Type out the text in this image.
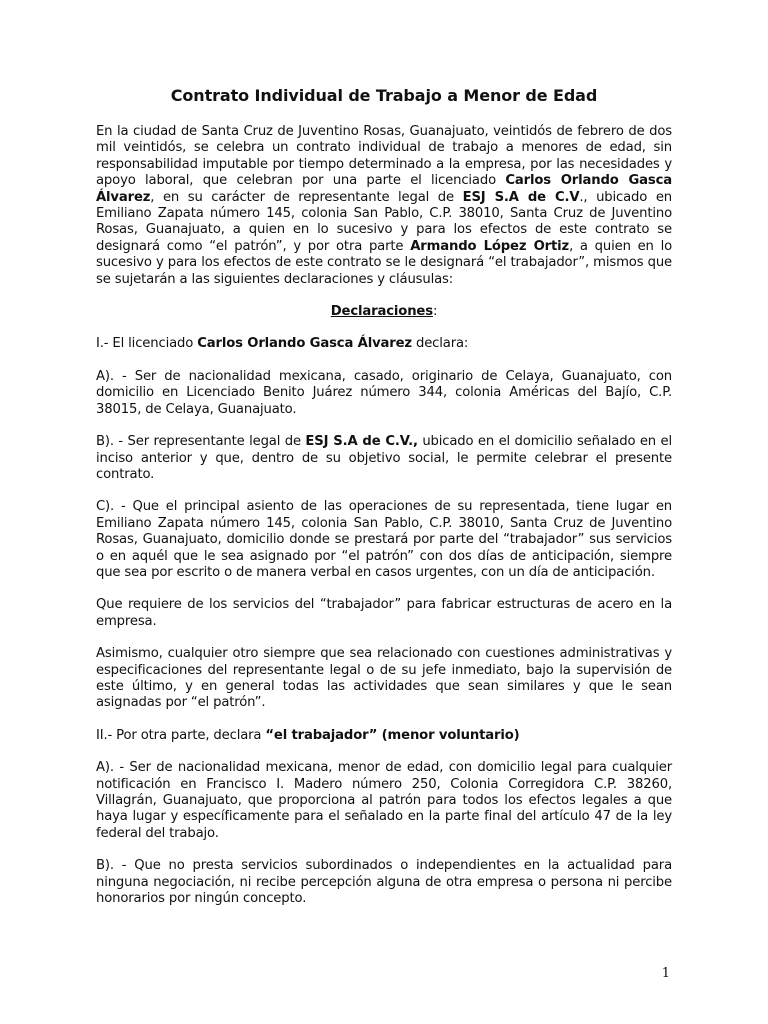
Contrato Individual de Trabajo a Menor de Edad

En la ciudad de Santa Cruz de Juventino Rosas, Guanajuato, veintidós de febrero de dos mil veintidós, se celebra un contrato individual de trabajo a menores de edad, sin responsabilidad imputable por tiempo determinado a la empresa, por las necesidades y apoyo laboral, que celebran por una parte el licenciado Carlos Orlando Gasca Álvarez, en su carácter de representante legal de ESJ S.A de C.V., ubicado en Emiliano Zapata número 145, colonia San Pablo, C.P. 38010, Santa Cruz de Juventino Rosas, Guanajuato, a quien en lo sucesivo y para los efectos de este contrato se designará como “el patrón”, y por otra parte Armando López Ortiz, a quien en lo sucesivo y para los efectos de este contrato se le designará “el trabajador”, mismos que se sujetarán a las siguientes declaraciones y cláusulas:

Declaraciones:

I.- El licenciado Carlos Orlando Gasca Álvarez declara:

A). - Ser de nacionalidad mexicana, casado, originario de Celaya, Guanajuato, con domicilio en Licenciado Benito Juárez número 344, colonia Américas del Bajío, C.P. 38015, de Celaya, Guanajuato.

B). - Ser representante legal de ESJ S.A de C.V., ubicado en el domicilio señalado en el inciso anterior y que, dentro de su objetivo social, le permite celebrar el presente contrato.

C). - Que el principal asiento de las operaciones de su representada, tiene lugar en Emiliano Zapata número 145, colonia San Pablo, C.P. 38010, Santa Cruz de Juventino Rosas, Guanajuato, domicilio donde se prestará por parte del “trabajador” sus servicios o en aquél que le sea asignado por “el patrón” con dos días de anticipación, siempre que sea por escrito o de manera verbal en casos urgentes, con un día de anticipación.

Que requiere de los servicios del “trabajador” para fabricar estructuras de acero en la empresa.

Asimismo, cualquier otro siempre que sea relacionado con cuestiones administrativas y especificaciones del representante legal o de su jefe inmediato, bajo la supervisión de este último, y en general todas las actividades que sean similares y que le sean asignadas por “el patrón”.

II.- Por otra parte, declara “el trabajador” (menor voluntario)

A). - Ser de nacionalidad mexicana, menor de edad, con domicilio legal para cualquier notificación en Francisco I. Madero número 250, Colonia Corregidora C.P. 38260, Villagrán, Guanajuato, que proporciona al patrón para todos los efectos legales a que haya lugar y específicamente para el señalado en la parte final del artículo 47 de la ley federal del trabajo.

B). - Que no presta servicios subordinados o independientes en la actualidad para ninguna negociación, ni recibe percepción alguna de otra empresa o persona ni percibe honorarios por ningún concepto.

1
